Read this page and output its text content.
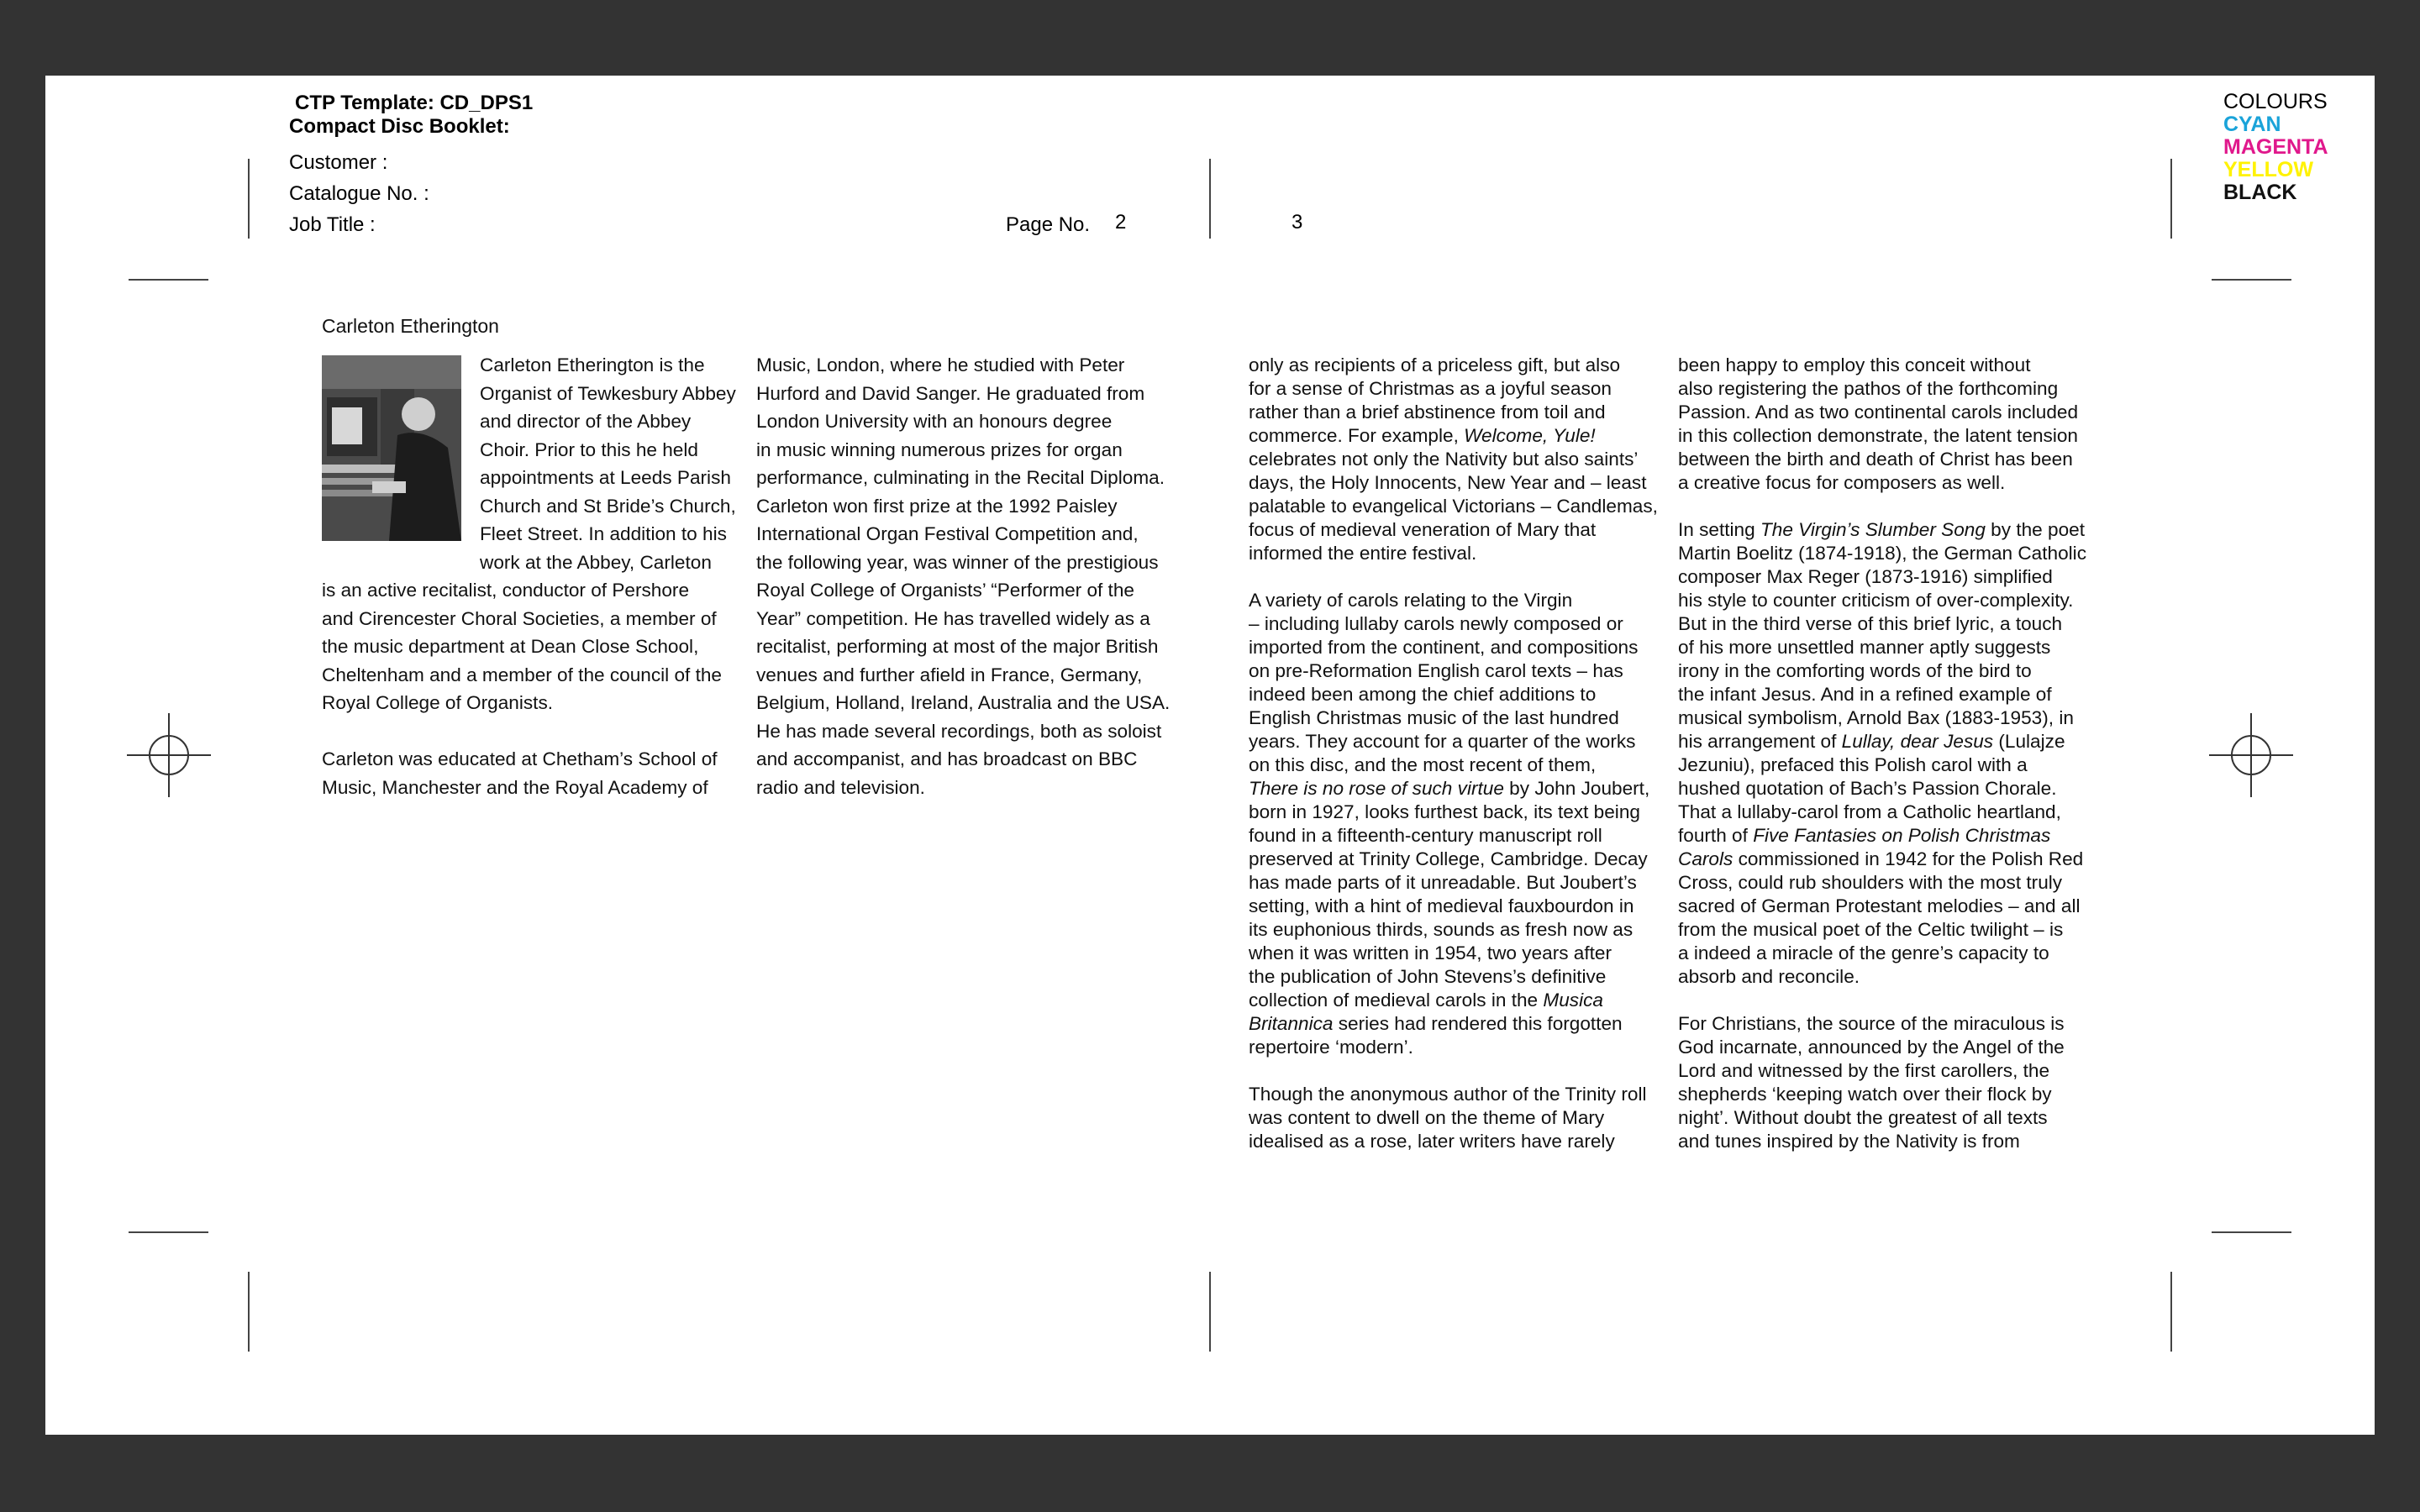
CTP Template: CD_DPS1
Compact Disc Booklet:
Customer :
Catalogue No. :
Job Title :	Page No. 2	3
COLOURS
CYAN
MAGENTA
YELLOW
BLACK
Carleton Etherington
Carleton Etherington is the
Organist of Tewkesbury Abbey
and director of the Abbey
Choir. Prior to this he held
appointments at Leeds Parish
Church and St Bride’s Church,
Fleet Street. In addition to his
work at the Abbey, Carleton
is an active recitalist, conductor of Pershore
and Cirencester Choral Societies, a member of
the music department at Dean Close School,
Cheltenham and a member of the council of the
Royal College of Organists.
Carleton was educated at Chetham’s School of
Music, Manchester and the Royal Academy of
Music, London, where he studied with Peter
Hurford and David Sanger. He graduated from
London University with an honours degree
in music winning numerous prizes for organ
performance, culminating in the Recital Diploma.
Carleton won first prize at the 1992 Paisley
International Organ Festival Competition and,
the following year, was winner of the prestigious
Royal College of Organists’ “Performer of the
Year” competition. He has travelled widely as a
recitalist, performing at most of the major British
venues and further afield in France, Germany,
Belgium, Holland, Ireland, Australia and the USA.
He has made several recordings, both as soloist
and accompanist, and has broadcast on BBC
radio and television.
only as recipients of a priceless gift, but also
for a sense of Christmas as a joyful season
rather than a brief abstinence from toil and
commerce. For example, Welcome, Yule!
celebrates not only the Nativity but also saints’
days, the Holy Innocents, New Year and – least
palatable to evangelical Victorians – Candlemas,
focus of medieval veneration of Mary that
informed the entire festival.

A variety of carols relating to the Virgin
– including lullaby carols newly composed or
imported from the continent, and compositions
on pre-Reformation English carol texts – has
indeed been among the chief additions to
English Christmas music of the last hundred
years. They account for a quarter of the works
on this disc, and the most recent of them,
There is no rose of such virtue by John Joubert,
born in 1927, looks furthest back, its text being
found in a fifteenth-century manuscript roll
preserved at Trinity College, Cambridge. Decay
has made parts of it unreadable. But Joubert’s
setting, with a hint of medieval fauxbourdon in
its euphonious thirds, sounds as fresh now as
when it was written in 1954, two years after
the publication of John Stevens’s definitive
collection of medieval carols in the Musica
Britannica series had rendered this forgotten
repertoire ‘modern’.

Though the anonymous author of the Trinity roll
was content to dwell on the theme of Mary
idealised as a rose, later writers have rarely
been happy to employ this conceit without
also registering the pathos of the forthcoming
Passion. And as two continental carols included
in this collection demonstrate, the latent tension
between the birth and death of Christ has been
a creative focus for composers as well.

In setting The Virgin’s Slumber Song by the poet
Martin Boelitz (1874-1918), the German Catholic
composer Max Reger (1873-1916) simplified
his style to counter criticism of over-complexity.
But in the third verse of this brief lyric, a touch
of his more unsettled manner aptly suggests
irony in the comforting words of the bird to
the infant Jesus. And in a refined example of
musical symbolism, Arnold Bax (1883-1953), in
his arrangement of Lullay, dear Jesus (Lulajze
Jezuniu), prefaced this Polish carol with a
hushed quotation of Bach’s Passion Chorale.
That a lullaby-carol from a Catholic heartland,
fourth of Five Fantasies on Polish Christmas
Carols commissioned in 1942 for the Polish Red
Cross, could rub shoulders with the most truly
sacred of German Protestant melodies – and all
from the musical poet of the Celtic twilight – is
a indeed a miracle of the genre’s capacity to
absorb and reconcile.

For Christians, the source of the miraculous is
God incarnate, announced by the Angel of the
Lord and witnessed by the first carollers, the
shepherds ‘keeping watch over their flock by
night’. Without doubt the greatest of all texts
and tunes inspired by the Nativity is from
